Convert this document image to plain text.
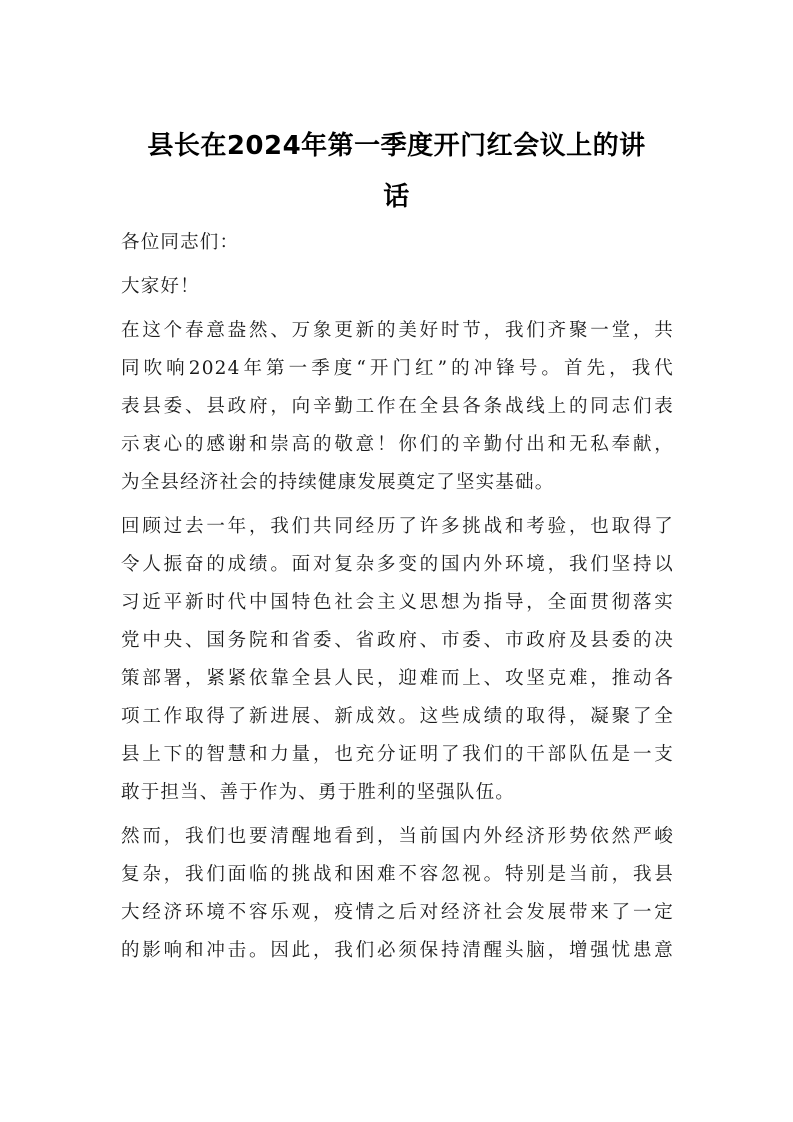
县长在2024年第一季度开门红会议上的讲
话
各位同志们：
大家好！
在这个春意盎然、万象更新的美好时节，我们齐聚一堂，共
同吹响2024年第一季度“开门红”的冲锋号。首先，我代
表县委、县政府，向辛勤工作在全县各条战线上的同志们表
示衷心的感谢和崇高的敬意！你们的辛勤付出和无私奉献，
为全县经济社会的持续健康发展奠定了坚实基础。
回顾过去一年，我们共同经历了许多挑战和考验，也取得了
令人振奋的成绩。面对复杂多变的国内外环境，我们坚持以
习近平新时代中国特色社会主义思想为指导，全面贯彻落实
党中央、国务院和省委、省政府、市委、市政府及县委的决
策部署，紧紧依靠全县人民，迎难而上、攻坚克难，推动各
项工作取得了新进展、新成效。这些成绩的取得，凝聚了全
县上下的智慧和力量，也充分证明了我们的干部队伍是一支
敢于担当、善于作为、勇于胜利的坚强队伍。
然而，我们也要清醒地看到，当前国内外经济形势依然严峻
复杂，我们面临的挑战和困难不容忽视。特别是当前，我县
大经济环境不容乐观，疫情之后对经济社会发展带来了一定
的影响和冲击。因此，我们必须保持清醒头脑，增强忧患意
